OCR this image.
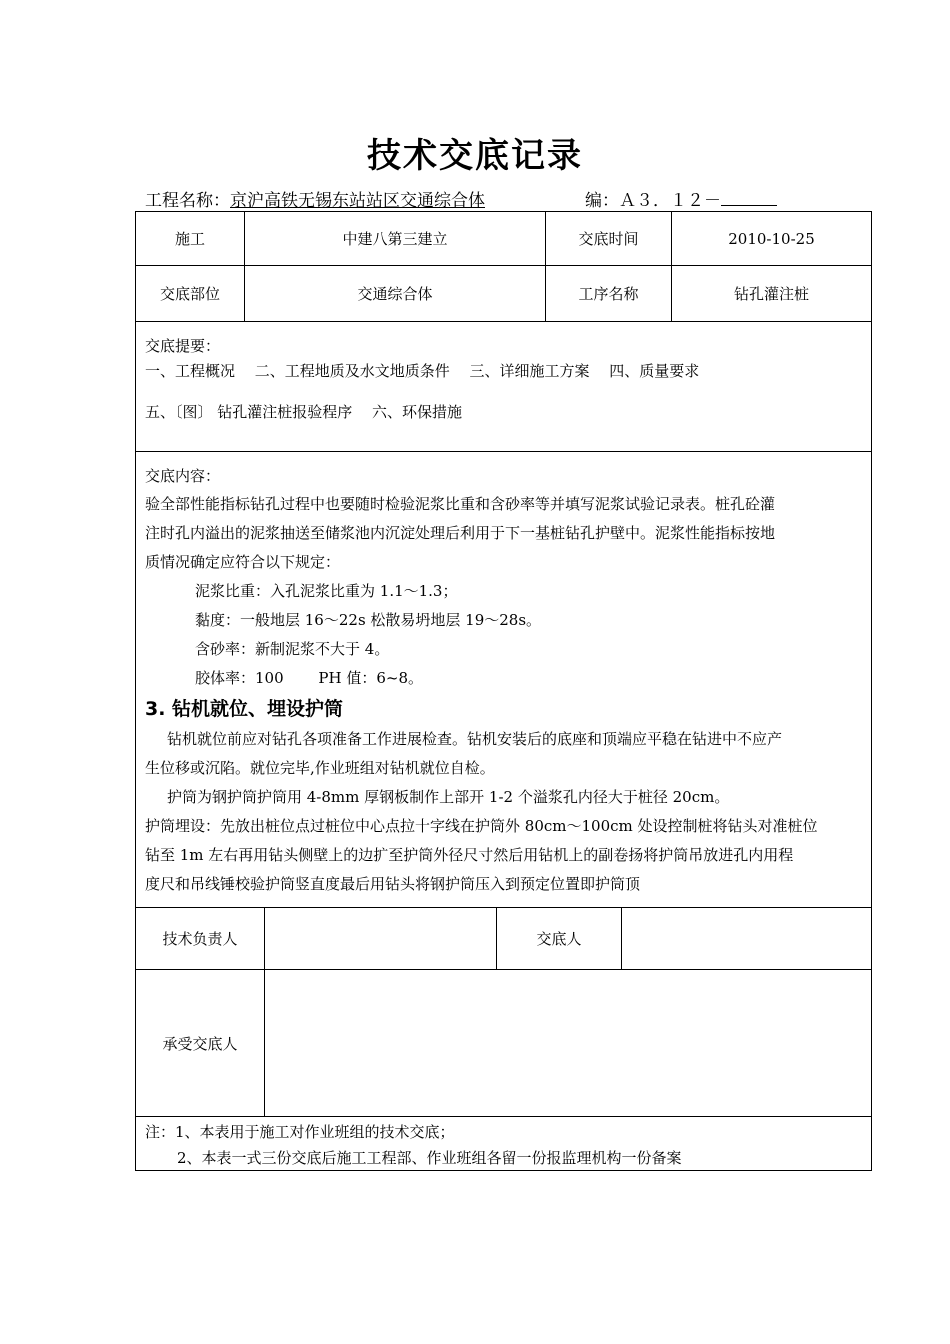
技术交底记录
工程名称：京沪高铁无锡东站站区交通综合体	编：Ａ３．１２－
施工	中建八第三建立	交底时间	2010-10-25
交底部位	交通综合体	工序名称	钻孔灌注桩

交底提要：

一、工程概况　 二、工程地质及水文地质条件　 三、详细施工方案　 四、质量要求

五、〔图〕 钻孔灌注桩报验程序　 六、环保措施

交底内容：

验全部性能指标钻孔过程中也要随时检验泥浆比重和含砂率等并填写泥浆试验记录表。桩孔砼灌

注时孔内溢出的泥浆抽送至储浆池内沉淀处理后利用于下一基桩钻孔护壁中。泥浆性能指标按地

质情况确定应符合以下规定：

泥浆比重：入孔泥浆比重为 1.1～1.3；

黏度：一般地层 16～22s 松散易坍地层 19～28s。

含砂率：新制泥浆不大于 4。

胶体率：100　　 PH 值：6~8。

3. 钻机就位、埋设护筒

钻机就位前应对钻孔各项准备工作进展检查。钻机安装后的底座和顶端应平稳在钻进中不应产

生位移或沉陷。就位完毕,作业班组对钻机就位自检。

护筒为钢护筒护筒用 4-8mm 厚钢板制作上部开 1-2 个溢浆孔内径大于桩径 20cm。

护筒埋设：先放出桩位点过桩位中心点拉十字线在护筒外 80cm～100cm 处设控制桩将钻头对准桩位

钻至 1m 左右再用钻头侧壁上的边扩至护筒外径尺寸然后用钻机上的副卷扬将护筒吊放进孔内用程

度尺和吊线锤校验护筒竖直度最后用钻头将钢护筒压入到预定位置即护筒顶

技术负责人	交底人
承受交底人

注：1、本表用于施工对作业班组的技术交底；

2、本表一式三份交底后施工工程部、作业班组各留一份报监理机构一份备案
